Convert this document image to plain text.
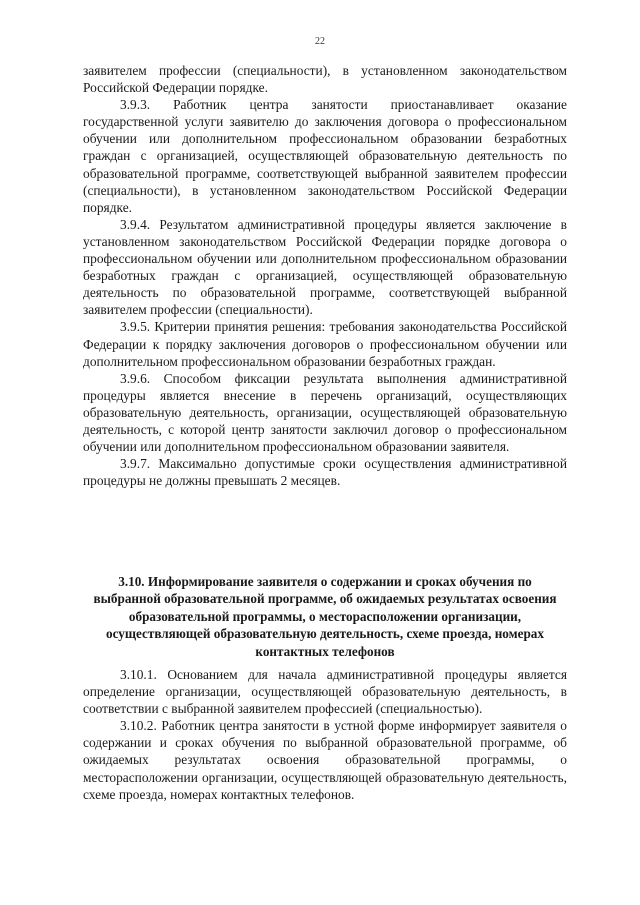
22

заявителем профессии (специальности), в установленном законодательством Российской Федерации порядке.

3.9.3. Работник центра занятости приостанавливает оказание государственной услуги заявителю до заключения договора о профессиональном обучении или дополнительном профессиональном образовании безработных граждан с организацией, осуществляющей образовательную деятельность по образовательной программе, соответствующей выбранной заявителем профессии (специальности), в установленном законодательством Российской Федерации порядке.

3.9.4. Результатом административной процедуры является заключение в установленном законодательством Российской Федерации порядке договора о профессиональном обучении или дополнительном профессиональном образовании безработных граждан с организацией, осуществляющей образовательную деятельность по образовательной программе, соответствующей выбранной заявителем профессии (специальности).

3.9.5. Критерии принятия решения: требования законодательства Российской Федерации к порядку заключения договоров о профессиональном обучении или дополнительном профессиональном образовании безработных граждан.

3.9.6. Способом фиксации результата выполнения административной процедуры является внесение в перечень организаций, осуществляющих образовательную деятельность, организации, осуществляющей образовательную деятельность, с которой центр занятости заключил договор о профессиональном обучении или дополнительном профессиональном образовании заявителя.

3.9.7. Максимально допустимые сроки осуществления административной процедуры не должны превышать 2 месяцев.

3.10. Информирование заявителя о содержании и сроках обучения по выбранной образовательной программе, об ожидаемых результатах освоения образовательной программы, о месторасположении организации, осуществляющей образовательную деятельность, схеме проезда, номерах контактных телефонов

3.10.1. Основанием для начала административной процедуры является определение организации, осуществляющей образовательную деятельность, в соответствии с выбранной заявителем профессией (специальностью).

3.10.2. Работник центра занятости в устной форме информирует заявителя о содержании и сроках обучения по выбранной образовательной программе, об ожидаемых результатах освоения образовательной программы, о месторасположении организации, осуществляющей образовательную деятельность, схеме проезда, номерах контактных телефонов.
